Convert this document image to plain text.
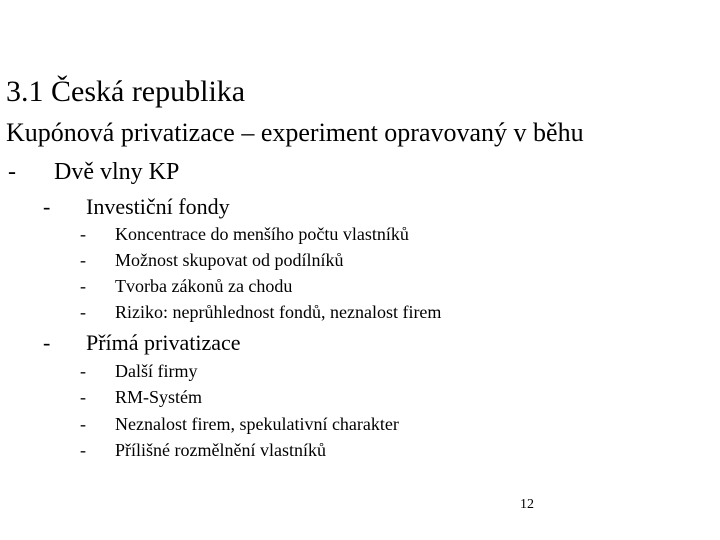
3.1 Česká republika
Kupónová privatizace – experiment opravovaný v běhu
- Dvě vlny KP
- Investiční fondy
- Koncentrace do menšího počtu vlastníků
- Možnost skupovat od podílníků
- Tvorba zákonů za chodu
- Riziko: neprůhlednost fondů, neznalost firem
- Přímá privatizace
- Další firmy
- RM-Systém
- Neznalost firem, spekulativní charakter
- Přílišné rozmělnění vlastníků
12
